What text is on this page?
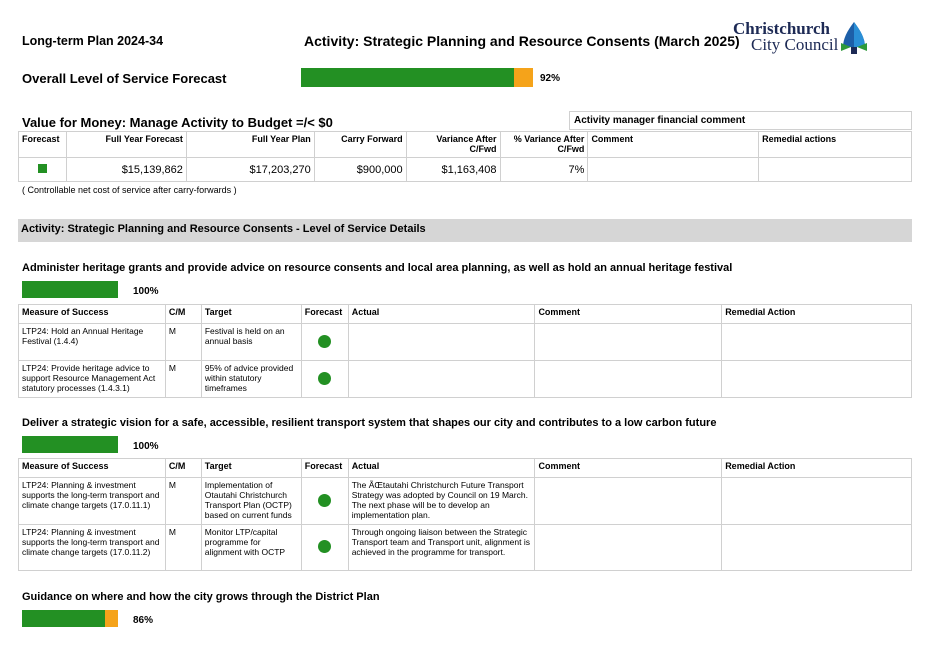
Long-term Plan 2024-34	Activity: Strategic Planning and Resource Consents (March 2025)
Christchurch
City Council
Overall Level of Service Forecast	92%
Value for Money: Manage Activity to Budget =/< $0	Activity manager financial comment
Forecast	Full Year Forecast	Full Year Plan	Carry Forward	Variance After C/Fwd	% Variance After C/Fwd	Comment	Remedial actions
	$15,139,862	$17,203,270	$900,000	$1,163,408	7%		
( Controllable net cost of service after carry-forwards )
Activity: Strategic Planning and Resource Consents - Level of Service Details
Administer heritage grants and provide advice on resource consents and local area planning, as well as hold an annual heritage festival
100%
Measure of Success	C/M	Target	Forecast	Actual	Comment	Remedial Action
LTP24: Hold an Annual Heritage Festival (1.4.4)	M	Festival is held on an annual basis				
LTP24: Provide heritage advice to support Resource Management Act statutory processes (1.4.3.1)	M	95% of advice provided within statutory timeframes				
Deliver a strategic vision for a safe, accessible, resilient transport system that shapes our city and contributes to a low carbon future
100%
Measure of Success	C/M	Target	Forecast	Actual	Comment	Remedial Action
LTP24: Planning & investment supports the long-term transport and climate change targets (17.0.11.1)	M	Implementation of Otautahi Christchurch Transport Plan (OCTP) based on current funds		The ÃŒtautahi Christchurch Future Transport Strategy was adopted by Council on 19 March. The next phase will be to develop an implementation plan.		
LTP24: Planning & investment supports the long-term transport and climate change targets (17.0.11.2)	M	Monitor LTP/capital programme for alignment with OCTP		Through ongoing liaison between the Strategic Transport team and Transport unit, alignment is achieved in the programme for transport.		
Guidance on where and how the city grows through the District Plan
86%
